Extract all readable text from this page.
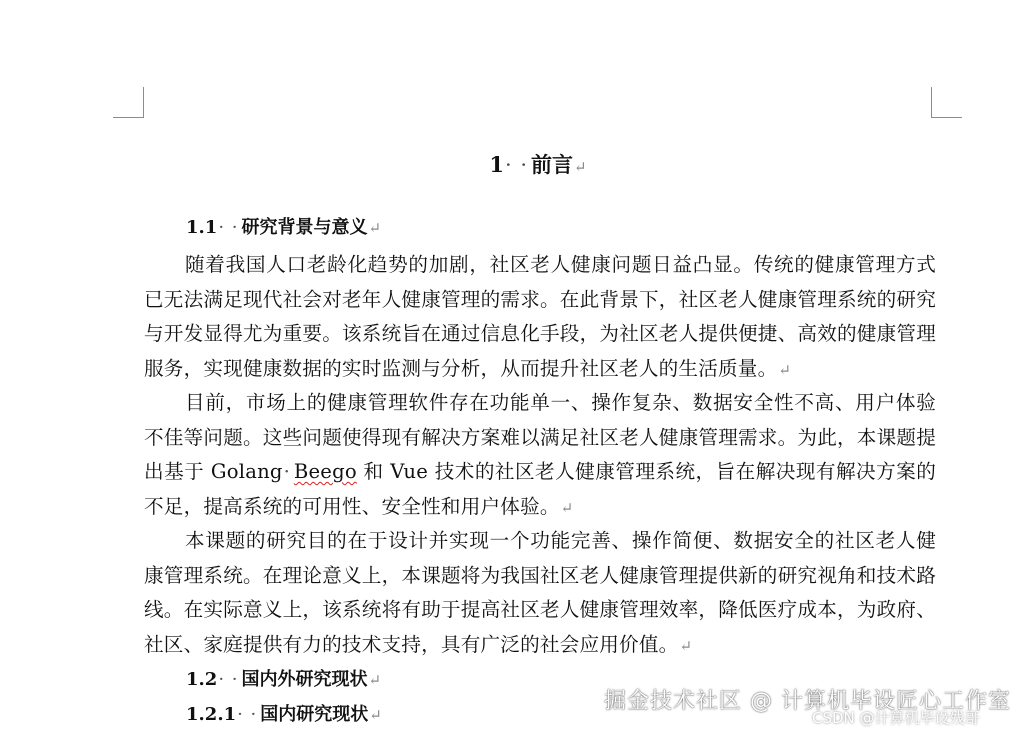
1· · 前言↵
1.1· · 研究背景与意义↵
随着我国人口老龄化趋势的加剧，社区老人健康问题日益凸显。传统的健康管理方式已无法满足现代社会对老年人健康管理的需求。在此背景下，社区老人健康管理系统的研究与开发显得尤为重要。该系统旨在通过信息化手段，为社区老人提供便捷、高效的健康管理服务，实现健康数据的实时监测与分析，从而提升社区老人的生活质量。↵
目前，市场上的健康管理软件存在功能单一、操作复杂、数据安全性不高、用户体验不佳等问题。这些问题使得现有解决方案难以满足社区老人健康管理需求。为此，本课题提出基于 Golang· Beego 和 Vue 技术的社区老人健康管理系统，旨在解决现有解决方案的不足，提高系统的可用性、安全性和用户体验。↵
本课题的研究目的在于设计并实现一个功能完善、操作简便、数据安全的社区老人健康管理系统。在理论意义上，本课题将为我国社区老人健康管理提供新的研究视角和技术路线。在实际意义上，该系统将有助于提高社区老人健康管理效率，降低医疗成本，为政府、社区、家庭提供有力的技术支持，具有广泛的社会应用价值。↵
1.2· · 国内外研究现状↵
1.2.1· · 国内研究现状↵
掘金技术社区 @ 计算机毕设匠心工作室
CSDN @计算机毕设残哥
